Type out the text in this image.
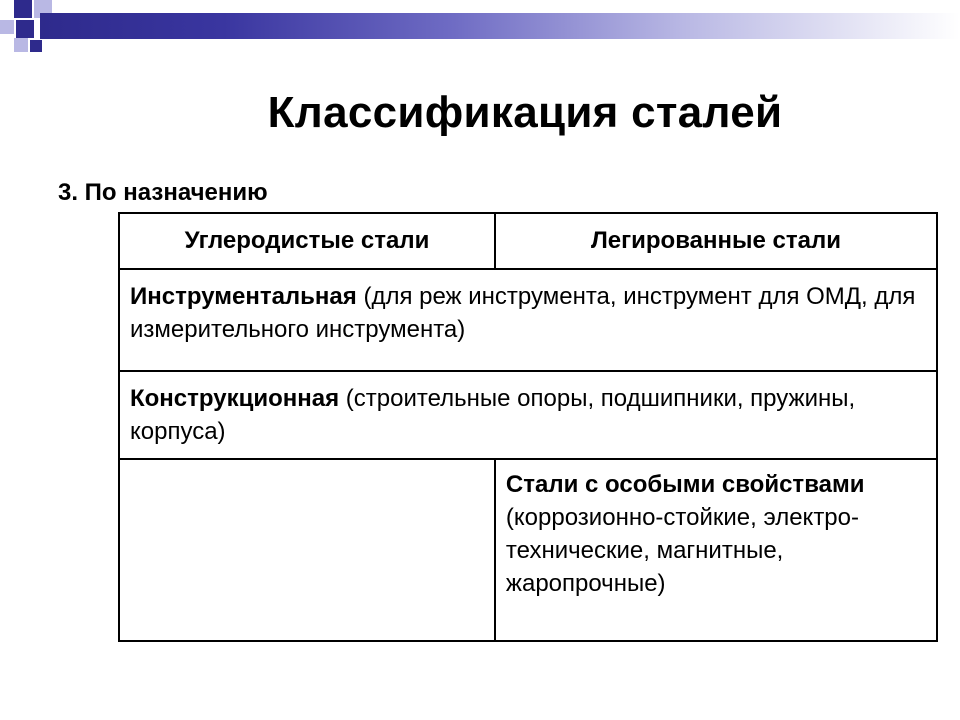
Классификация сталей
3. По назначению
Углеродистые стали	Легированные стали
Инструментальная (для реж инструмента, инструмент для ОМД, для измерительного инструмента)	
Конструкционная (строительные опоры, подшипники, пружины, корпуса)	
	Стали с особыми свойствами (коррозионно-стойкие, электро-технические, магнитные, жаропрочные)
